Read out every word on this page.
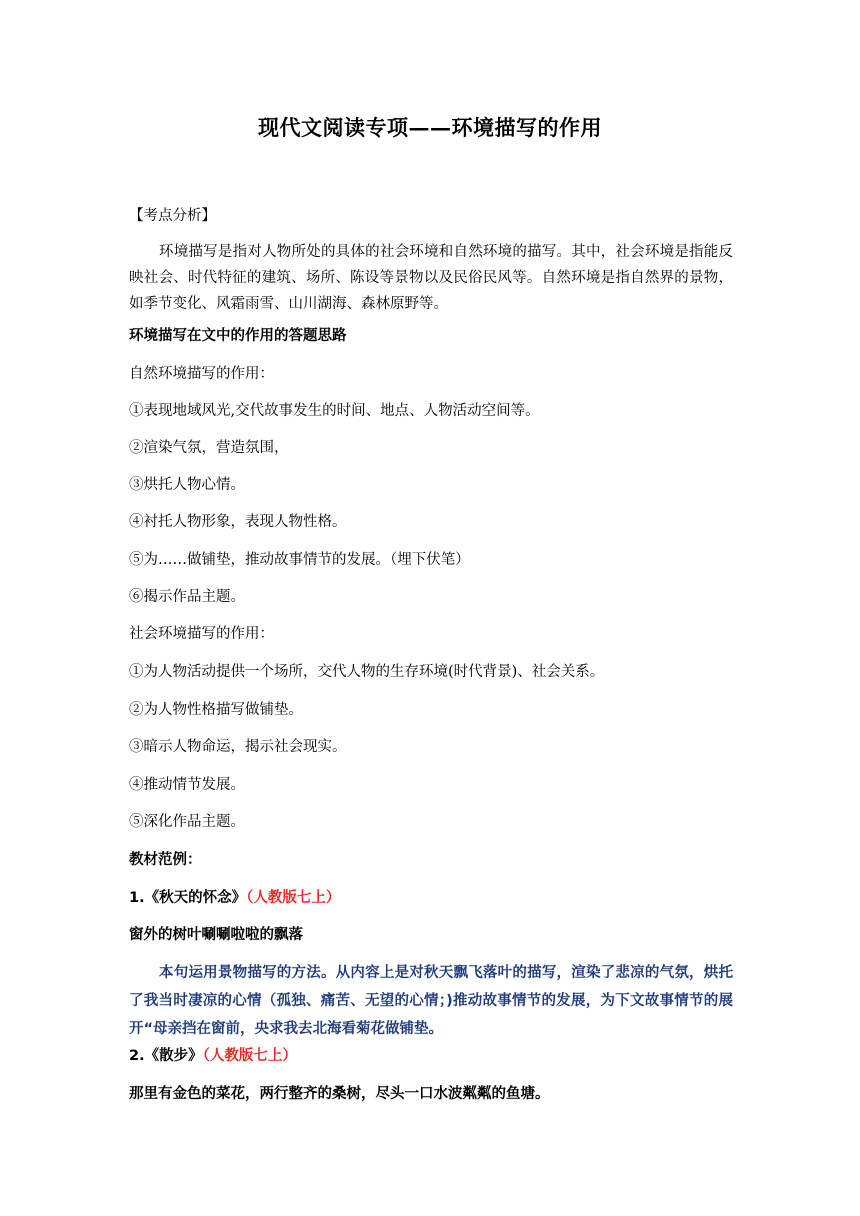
现代文阅读专项——环境描写的作用
【考点分析】
环境描写是指对人物所处的具体的社会环境和自然环境的描写。其中，社会环境是指能反映社会、时代特征的建筑、场所、陈设等景物以及民俗民风等。自然环境是指自然界的景物，如季节变化、风霜雨雪、山川湖海、森林原野等。
环境描写在文中的作用的答题思路
自然环境描写的作用：
①表现地域风光,交代故事发生的时间、地点、人物活动空间等。
②渲染气氛，营造氛围，
③烘托人物心情。
④衬托人物形象，表现人物性格。
⑤为……做铺垫，推动故事情节的发展。（埋下伏笔）
⑥揭示作品主题。
社会环境描写的作用：
①为人物活动提供一个场所，交代人物的生存环境(时代背景)、社会关系。
②为人物性格描写做铺垫。
③暗示人物命运，揭示社会现实。
④推动情节发展。
⑤深化作品主题。
教材范例：
1.《秋天的怀念》（人教版七上）
窗外的树叶唰唰啦啦的飘落
本句运用景物描写的方法。从内容上是对秋天飘飞落叶的描写，渲染了悲凉的气氛，烘托了我当时凄凉的心情（孤独、痛苦、无望的心情；)推动故事情节的发展，为下文故事情节的展开“母亲挡在窗前，央求我去北海看菊花做铺垫。
2.《散步》（人教版七上）
那里有金色的菜花，两行整齐的桑树，尽头一口水波粼粼的鱼塘。
